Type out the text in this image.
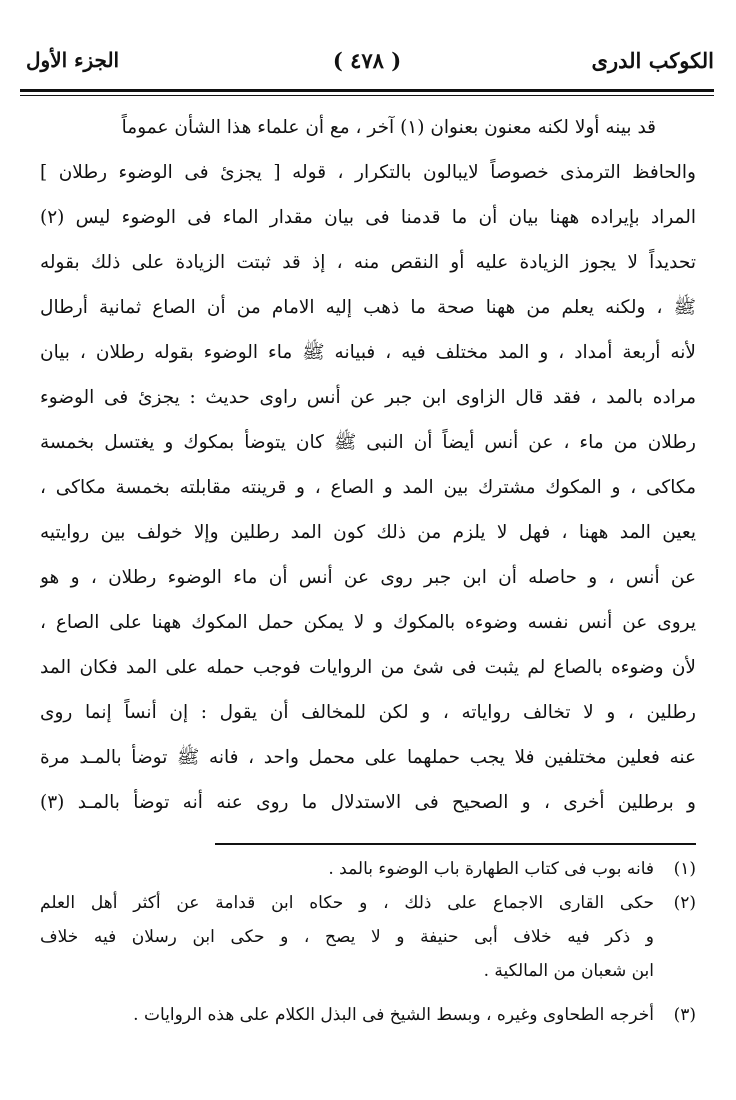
الكوكب الدرى
( ٤٧٨ )
الجزء الأول
قد بينه أولا لكنه معنون بعنوان (١) آخر ، مع أن علماء هذا الشأن عموماً
والحافظ الترمذى خصوصاً لايبالون بالتكرار ، قوله [ يجزئ فى الوضوء رطلان ]
المراد بإيراده ههنا بيان أن ما قدمنا فى بيان مقدار الماء فى الوضوء ليس (٢)
تحديداً لا يجوز الزيادة عليه أو النقص منه ، إذ قد ثبتت الزيادة على ذلك بقوله
ﷺ ، ولكنه يعلم من ههنا صحة ما ذهب إليه الامام من أن الصاع ثمانية أرطال
لأنه أربعة أمداد ، و المد مختلف فيه ، فبيانه ﷺ ماء الوضوء بقوله رطلان ، بيان
مراده بالمد ، فقد قال الزاوى ابن جبر عن أنس راوى حديث : يجزئ فى الوضوء
رطلان من ماء ، عن أنس أيضاً أن النبى ﷺ كان يتوضأ بمكوك و يغتسل بخمسة
مكاكى ، و المكوك مشترك بين المد و الصاع ، و قرينته مقابلته بخمسة مكاكى ،
يعين المد ههنا ، فهل لا يلزم من ذلك كون المد رطلين وإلا خولف بين روايتيه
عن أنس ، و حاصله أن ابن جبر روى عن أنس أن ماء الوضوء رطلان ، و هو
يروى عن أنس نفسه وضوءه بالمكوك و لا يمكن حمل المكوك ههنا على الصاع ،
لأن وضوءه بالصاع لم يثبت فى شئ من الروايات فوجب حمله على المد فكان المد
رطلين ، و لا تخالف رواياته ، و لكن للمخالف أن يقول : إن أنساً إنما روى
عنه فعلين مختلفين فلا يجب حملهما على محمل واحد ، فانه ﷺ توضأ بالمـد مرة
و برطلين أخرى ، و الصحيح فى الاستدلال ما روى عنه أنه توضأ بالمـد (٣)
(١)
فانه بوب فى كتاب الطهارة باب الوضوء بالمد .
(٢)
حكى القارى الاجماع على ذلك ، و حكاه ابن قدامة عن أكثر أهل العلم
و ذكر فيه خلاف أبى حنيفة و لا يصح ، و حكى ابن رسلان فيه خلاف
ابن شعبان من المالكية .
(٣)
أخرجه الطحاوى وغيره ، وبسط الشيخ فى البذل الكلام على هذه الروايات .
